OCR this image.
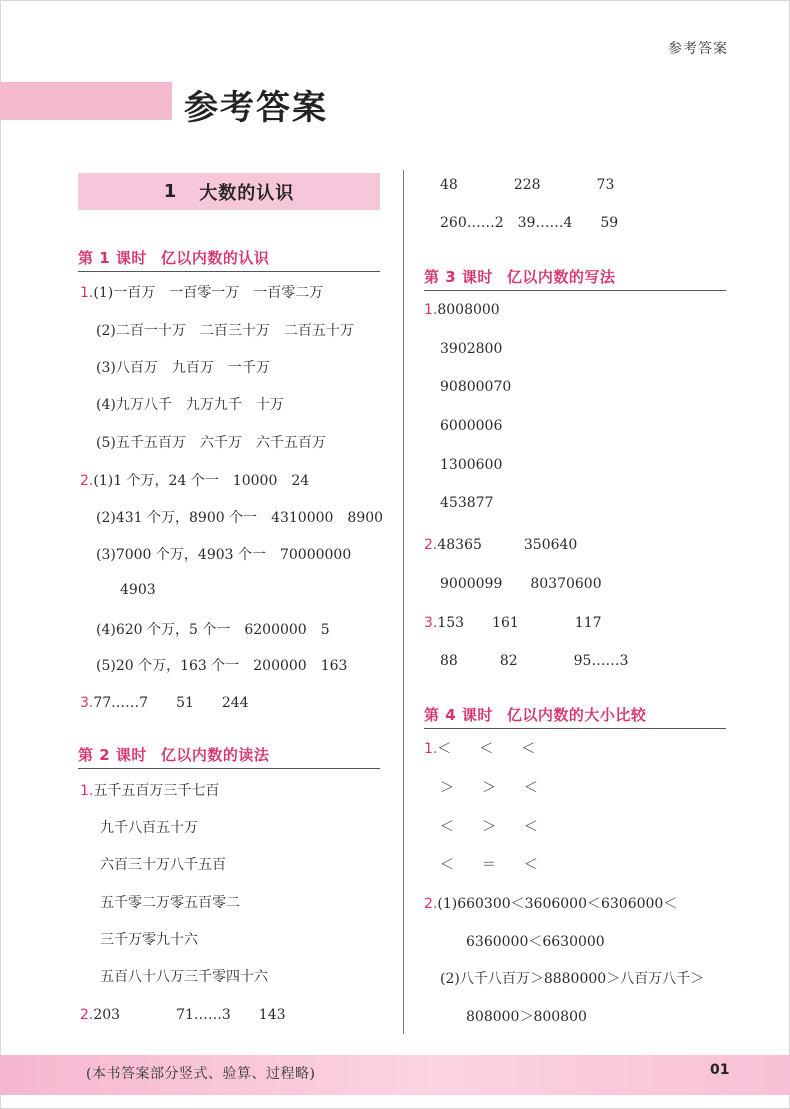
参考答案
参考答案
1 大数的认识
第 1 课时 亿以内数的认识
第 2 课时 亿以内数的读法
第 3 课时 亿以内数的写法
第 4 课时 亿以内数的大小比较
1.(1)一百万　一百零一万　一百零二万
(2)二百一十万　二百三十万　二百五十万
(3)八百万　九百万　一千万
(4)九万八千　九万九千　十万
(5)五千五百万　六千万　六千五百万
2.(1)1 个万，24 个一　10000　24
(2)431 个万，8900 个一　4310000　8900
(3)7000 个万，4903 个一　70000000
4903
(4)620 个万，5 个一　6200000　5
(5)20 个万，163 个一　200000　163
3.77……7　　51　　244
1.五千五百万三千七百
九千八百五十万
六百三十万八千五百
五千零二万零五百零二
三千万零九十六
五百八十八万三千零四十六
2.203　　　　71……3　　143
48　　　　228　　　　73
260……2　39……4　　59
1.8008000
3902800
90800070
6000006
1300600
453877
2.48365　　　350640
9000099　　80370600
3.153　　161　　　　117
88　　　82　　　　95……3
1.＜　　＜　　＜
＞　　＞　　＜
＜　　＞　　＜
＜　　＝　　＜
2.(1)660300＜3606000＜6306000＜
6360000＜6630000
(2)八千八百万＞8880000＞八百万八千＞
808000＞800800
(本书答案部分竖式、验算、过程略)	01
